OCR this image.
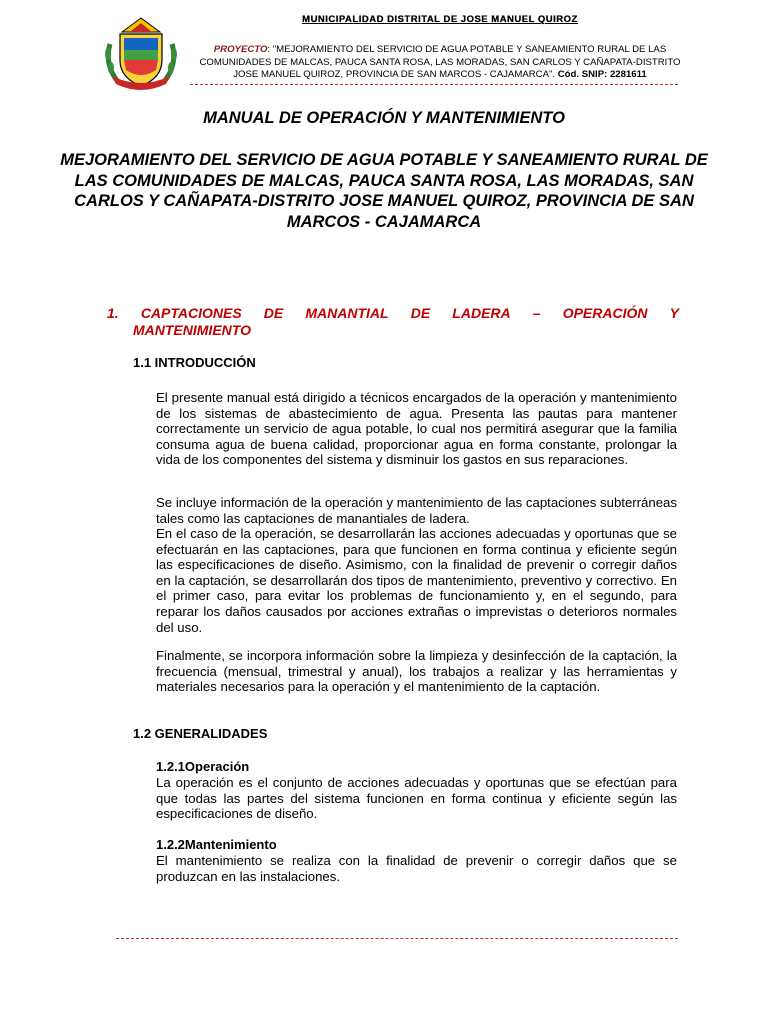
MUNICIPALIDAD DISTRITAL DE JOSE MANUEL QUIROZ
PROYECTO: "MEJORAMIENTO DEL SERVICIO DE AGUA POTABLE Y SANEAMIENTO RURAL DE LAS COMUNIDADES DE MALCAS, PAUCA SANTA ROSA, LAS MORADAS, SAN CARLOS Y CAÑAPATA-DISTRITO JOSE MANUEL QUIROZ, PROVINCIA DE SAN MARCOS - CAJAMARCA". Cód. SNIP: 2281611
MANUAL DE OPERACIÓN Y MANTENIMIENTO
MEJORAMIENTO DEL SERVICIO DE AGUA POTABLE Y SANEAMIENTO RURAL DE LAS COMUNIDADES DE MALCAS, PAUCA SANTA ROSA, LAS MORADAS, SAN CARLOS Y CAÑAPATA-DISTRITO JOSE MANUEL QUIROZ, PROVINCIA DE SAN MARCOS - CAJAMARCA
1. CAPTACIONES DE MANANTIAL DE LADERA – OPERACIÓN Y
MANTENIMIENTO
1.1 INTRODUCCIÓN
El presente manual está dirigido a técnicos encargados de la operación y mantenimiento de los sistemas de abastecimiento de agua. Presenta las pautas para mantener correctamente un servicio de agua potable, lo cual nos permitirá asegurar que la familia consuma agua de buena calidad, proporcionar agua en forma constante, prolongar la vida de los componentes del sistema y disminuir los gastos en sus reparaciones.
Se incluye información de la operación y mantenimiento de las captaciones subterráneas tales como las captaciones de manantiales de ladera.
En el caso de la operación, se desarrollarán las acciones adecuadas y oportunas que se efectuarán en las captaciones, para que funcionen en forma continua y eficiente según las especificaciones de diseño. Asimismo, con la finalidad de prevenir o corregir daños en la captación, se desarrollarán dos tipos de mantenimiento, preventivo y correctivo. En el primer caso, para evitar los problemas de funcionamiento y, en el segundo, para reparar los daños causados por acciones extrañas o imprevistas o deterioros normales del uso.
Finalmente, se incorpora información sobre la limpieza y desinfección de la captación, la frecuencia (mensual, trimestral y anual), los trabajos a realizar y las herramientas y materiales necesarios para la operación y el mantenimiento de la captación.
1.2 GENERALIDADES
1.2.1Operación
La operación es el conjunto de acciones adecuadas y oportunas que se efectúan para que todas las partes del sistema funcionen en forma continua y eficiente según las especificaciones de diseño.
1.2.2Mantenimiento
El mantenimiento se realiza con la finalidad de prevenir o corregir daños que se produzcan en las instalaciones.
